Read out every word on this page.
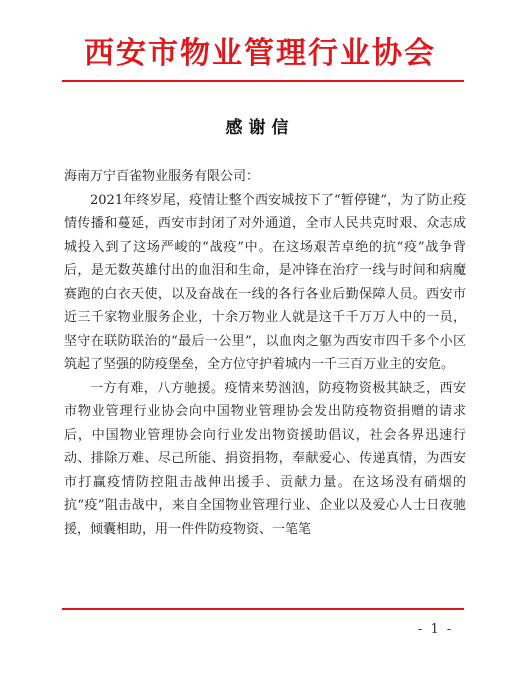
西安市物业管理行业协会
感谢信

海南万宁百雀物业服务有限公司：

2021年终岁尾，疫情让整个西安城按下了“暂停键”，为了防止疫情传播和蔓延，西安市封闭了对外通道，全市人民共克时艰、众志成城投入到了这场严峻的“战疫”中。在这场艰苦卓绝的抗“疫”战争背后，是无数英雄付出的血泪和生命，是冲锋在治疗一线与时间和病魔赛跑的白衣天使，以及奋战在一线的各行各业后勤保障人员。西安市近三千家物业服务企业，十余万物业人就是这千千万万人中的一员，坚守在联防联治的“最后一公里”，以血肉之躯为西安市四千多个小区筑起了坚强的防疫堡垒，全方位守护着城内一千三百万业主的安危。

一方有难，八方驰援。疫情来势汹汹，防疫物资极其缺乏，西安市物业管理行业协会向中国物业管理协会发出防疫物资捐赠的请求后，中国物业管理协会向行业发出物资援助倡议，社会各界迅速行动、排除万难、尽己所能、捐资捐物，奉献爱心、传递真情，为西安市打赢疫情防控阻击战伸出援手、贡献力量。在这场没有硝烟的抗“疫”阻击战中，来自全国物业管理行业、企业以及爱心人士日夜驰援，倾囊相助，用一件件防疫物资、一笔笔

- 1 -
